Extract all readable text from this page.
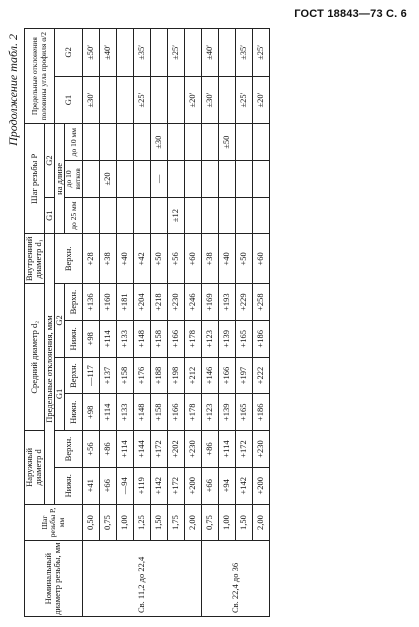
ГОСТ 18843—73 С. 6
Продолжение табл. 2
Номинальный диаметр резьбы, мм	Шаг резьбы P, мм	Наружный диаметр d		Средний диаметр d₂				Внутренний диаметр d₁	Шаг резьбы P			Предельные отклонения половины угла профиля α/2	
		Предельные отклонения, мкм							G1	G2			
		Нижн.	Верхн.	G1		G2		Верхн.	на длине			G1	G2
				Нижн.	Верхн.	Нижн.	Верхн.		до 25 мм	до 10 витков	до 10 мм		
Св. 11,2 до 22,4	0,50	+41	+56	+98	—117	+98	+136	+28				±30′	±50′
	0,75	+66	+86	+114	+137	+114	+160	+38		±20			±40′
	1,00	—94	+114	+133	+158	+133	+181	+40					
	1,25	+119	+144	+148	+176	+148	+204	+42				±25′	±35′
	1,50	+142	+172	+158	+188	+158	+218	+50		—	±30		
	1,75	+172	+202	+166	+198	+166	+230	+56	±12				±25′
	2,00	+200	+230	+178	+212	+178	+246	+60				±20′	
Св. 22,4 до 36	0,75	+66	+86	+123	+146	+123	+169	+38				±30′	±40′
	1,00	+94	+114	+139	+166	+139	+193	+40			±50		
	1,50	+142	+172	+165	+197	+165	+229	+50				±25′	±35′
	2,00	+200	+230	+186	+222	+186	+258	+60				±20′	±25′
